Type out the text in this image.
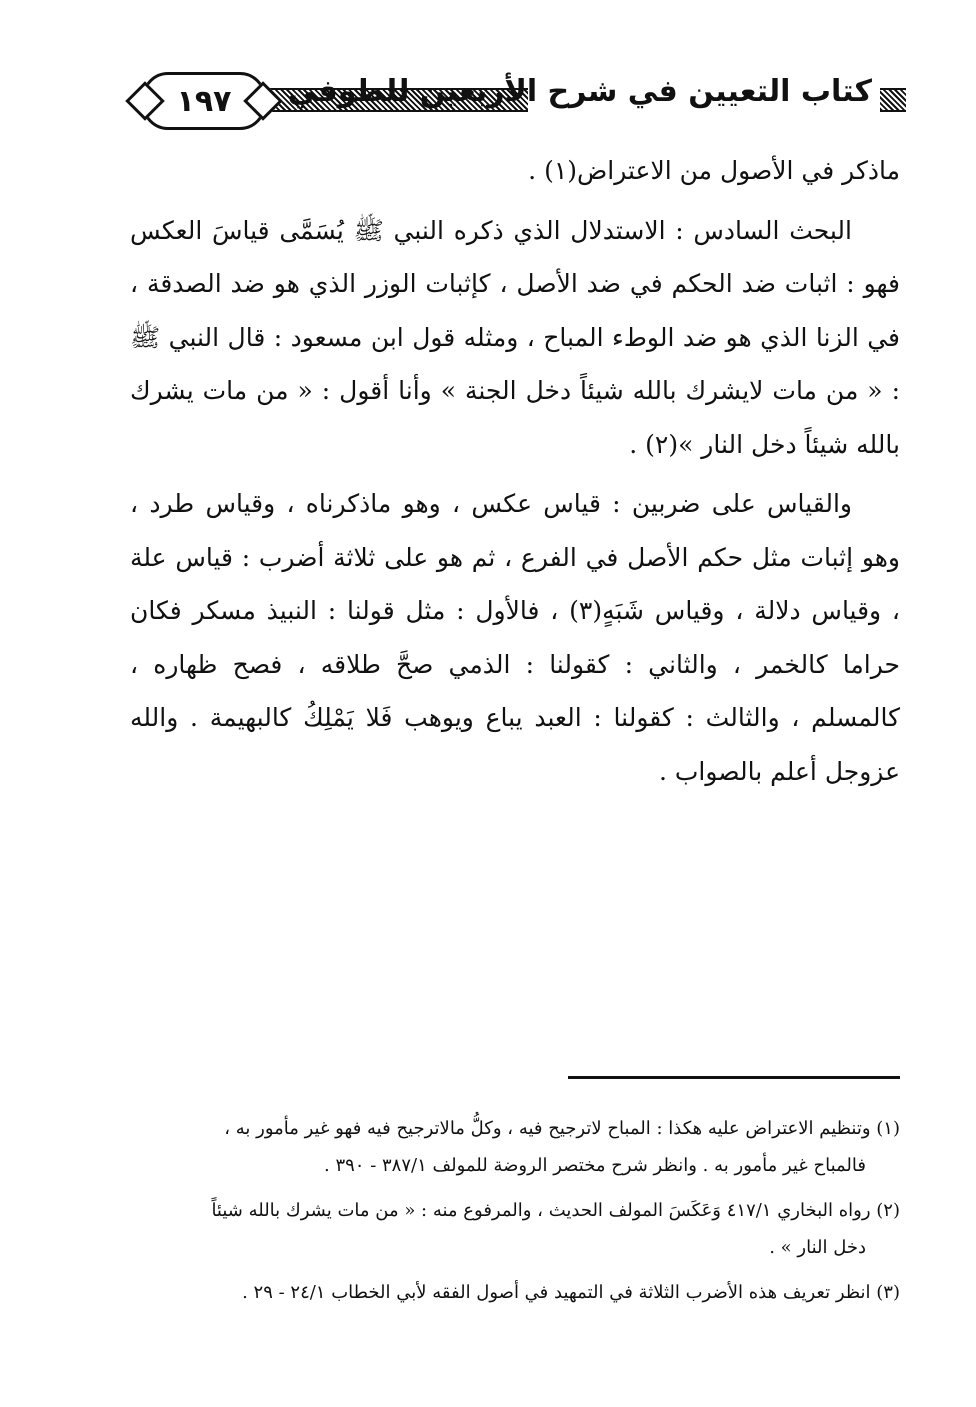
١٩٧	كتاب التعيين في شرح الأربعين للطوفي

ماذكر في الأصول من الاعتراض(١) .

البحث السادس : الاستدلال الذي ذكره النبي ﷺ يُسَمَّى قياسَ العكس فهو : اثبات ضد الحكم في ضد الأصل ، كإثبات الوزر الذي هو ضد الصدقة ، في الزنا الذي هو ضد الوطء المباح ، ومثله قول ابن مسعود : قال النبي ﷺ : « من مات لايشرك بالله شيئاً دخل الجنة » وأنا أقول : « من مات يشرك بالله شيئاً دخل النار »(٢) .

والقياس على ضربين : قياس عكس ، وهو ماذكرناه ، وقياس طرد ، وهو إثبات مثل حكم الأصل في الفرع ، ثم هو على ثلاثة أضرب : قياس علة ، وقياس دلالة ، وقياس شَبَهٍ(٣) ، فالأول : مثل قولنا : النبيذ مسكر فكان حراما كالخمر ، والثاني : كقولنا : الذمي صحَّ طلاقه ، فصح ظهاره ، كالمسلم ، والثالث : كقولنا : العبد يباع ويوهب فَلا يَمْلِكُ كالبهيمة . والله عزوجل أعلم بالصواب .

(١) وتنظيم الاعتراض عليه هكذا : المباح لاترجيح فيه ، وكلُّ مالاترجيح فيه فهو غير مأمور به ،
فالمباح غير مأمور به . وانظر شرح مختصر الروضة للمولف ٣٨٧/١ - ٣٩٠ .

(٢) رواه البخاري ٤١٧/١ وَعَكَسَ المولف الحديث ، والمرفوع منه : « من مات يشرك بالله شيئاً
دخل النار » .

(٣) انظر تعريف هذه الأضرب الثلاثة في التمهيد في أصول الفقه لأبي الخطاب ٢٤/١ - ٢٩ .
